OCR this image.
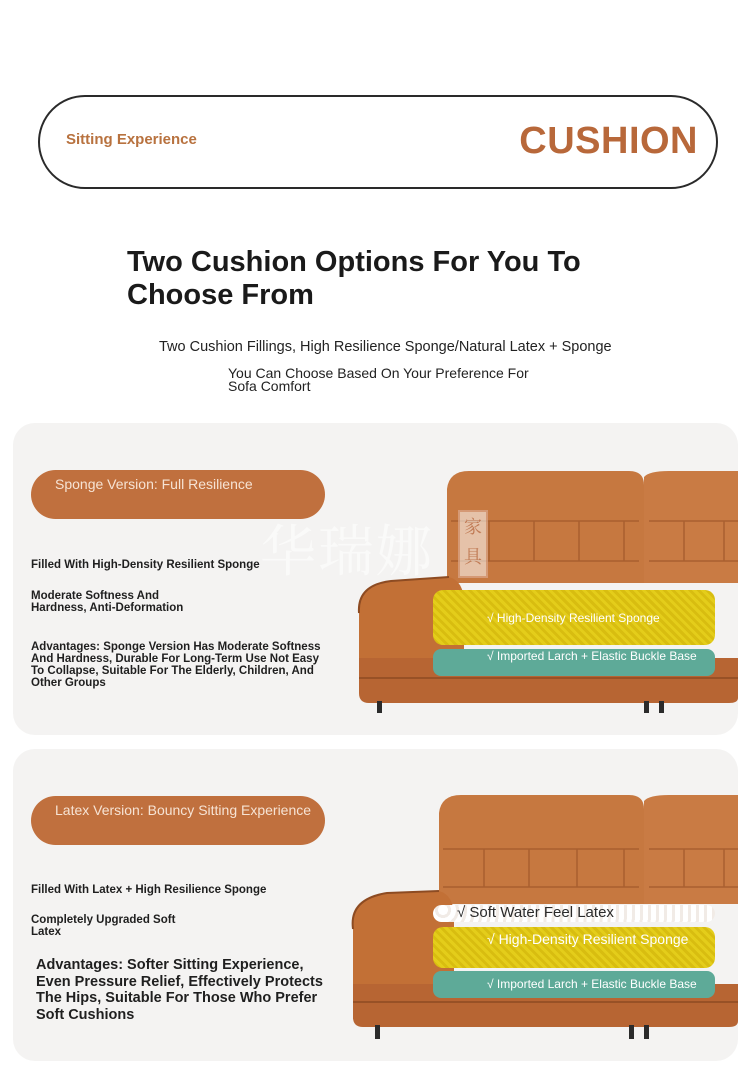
Sitting Experience	CUSHION
Two Cushion Options For You To Choose From
Two Cushion Fillings, High Resilience Sponge/Natural Latex + Sponge
You Can Choose Based On Your Preference For Sofa Comfort
Sponge Version: Full Resilience
Filled With High-Density Resilient Sponge
Moderate Softness And Hardness, Anti-Deformation
Advantages: Sponge Version Has Moderate Softness And Hardness, Durable For Long-Term Use Not Easy To Collapse, Suitable For The Elderly, Children, And Other Groups
√ High-Density Resilient Sponge
√ Imported Larch + Elastic Buckle Base
华瑞娜	家具
Latex Version: Bouncy Sitting Experience
Filled With Latex + High Resilience Sponge
Completely Upgraded Soft Latex
Advantages: Softer Sitting Experience, Even Pressure Relief, Effectively Protects The Hips, Suitable For Those Who Prefer Soft Cushions
√ Soft Water Feel Latex
√ High-Density Resilient Sponge
√ Imported Larch + Elastic Buckle Base
